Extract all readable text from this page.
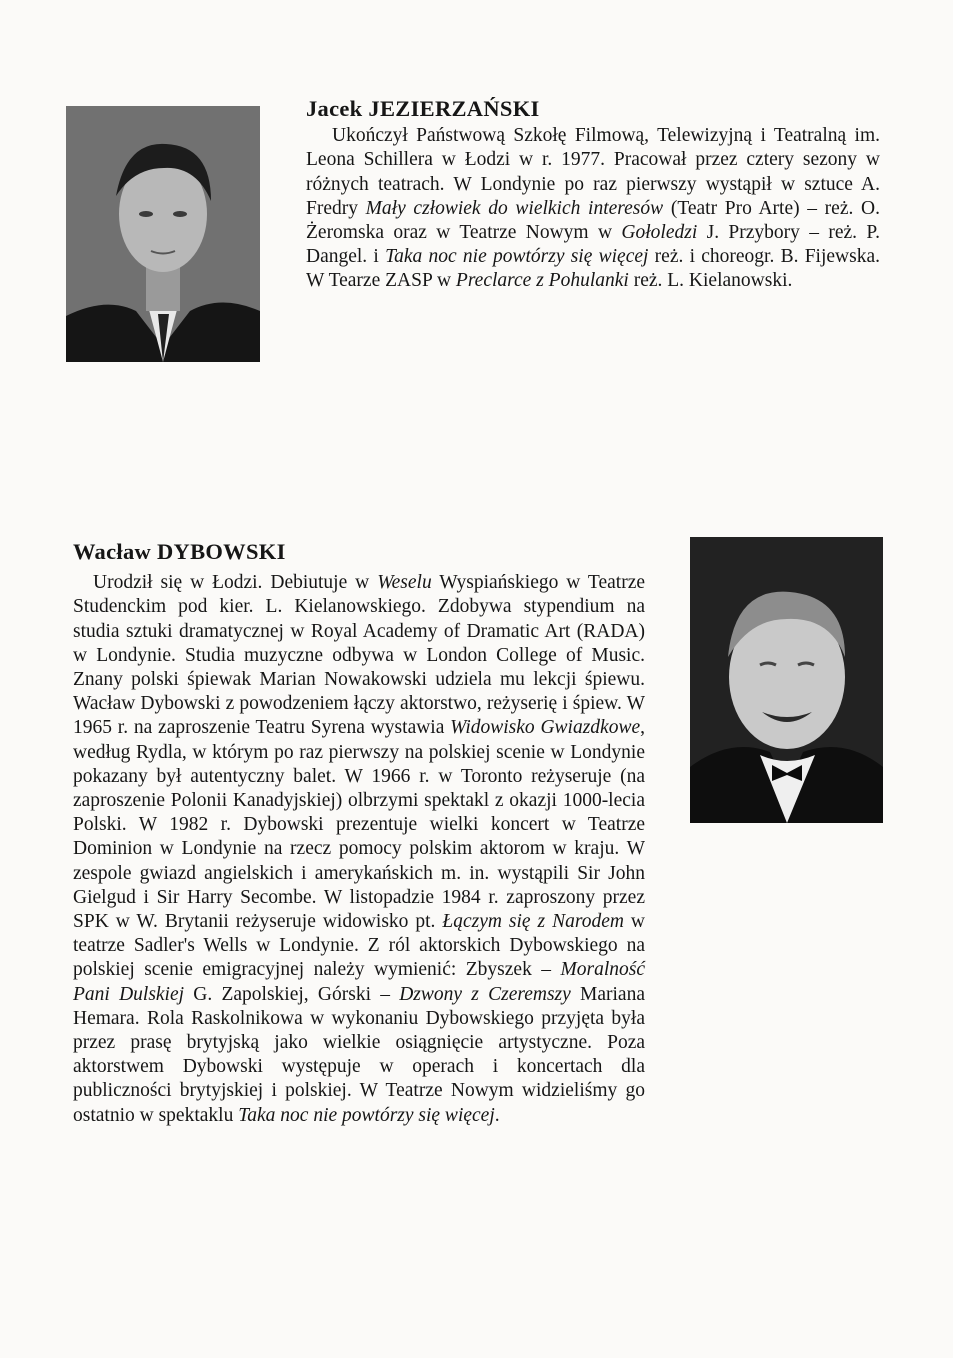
Jacek JEZIERZAŃSKI

Ukończył Państwową Szkołę Filmową, Telewizyjną i Teatralną im. Leona Schillera w Łodzi w r. 1977. Pracował przez cztery sezony w różnych teatrach. W Londynie po raz pierwszy wystąpił w sztuce A. Fredry Mały człowiek do wielkich interesów (Teatr Pro Arte) – reż. O. Żeromska oraz w Teatrze Nowym w Gołoledzi J. Przybory – reż. P. Dangel. i Taka noc nie powtórzy się więcej reż. i choreogr. B. Fijewska. W Tearze ZASP w Preclarce z Pohulanki reż. L. Kielanowski.

Wacław DYBOWSKI

Urodził się w Łodzi. Debiutuje w Weselu Wyspiańskiego w Teatrze Studenckim pod kier. L. Kielanowskiego. Zdobywa stypendium na studia sztuki dramatycznej w Royal Academy of Dramatic Art (RADA) w Londynie. Studia muzyczne odbywa w London College of Music. Znany polski śpiewak Marian Nowakowski udziela mu lekcji śpiewu. Wacław Dybowski z powodzeniem łączy aktorstwo, reżyserię i śpiew. W 1965 r. na zaproszenie Teatru Syrena wystawia Widowisko Gwiazdkowe, według Rydla, w którym po raz pierwszy na polskiej scenie w Londynie pokazany był autentyczny balet. W 1966 r. w Toronto reżyseruje (na zaproszenie Polonii Kanadyjskiej) olbrzymi spektakl z okazji 1000-lecia Polski. W 1982 r. Dybowski prezentuje wielki koncert w Teatrze Dominion w Londynie na rzecz pomocy polskim aktorom w kraju. W zespole gwiazd angielskich i amerykańskich m. in. wystąpili Sir John Gielgud i Sir Harry Secombe. W listopadzie 1984 r. zaproszony przez SPK w W. Brytanii reżyseruje widowisko pt. Łączym się z Narodem w teatrze Sadler's Wells w Londynie. Z ról aktorskich Dybowskiego na polskiej scenie emigracyjnej należy wymienić: Zbyszek – Moralność Pani Dulskiej G. Zapolskiej, Górski – Dzwony z Czeremszy Mariana Hemara. Rola Raskolnikowa w wykonaniu Dybowskiego przyjęta była przez prasę brytyjską jako wielkie osiągnięcie artystyczne. Poza aktorstwem Dybowski występuje w operach i koncertach dla publiczności brytyjskiej i polskiej. W Teatrze Nowym widzieliśmy go ostatnio w spektaklu Taka noc nie powtórzy się więcej.
